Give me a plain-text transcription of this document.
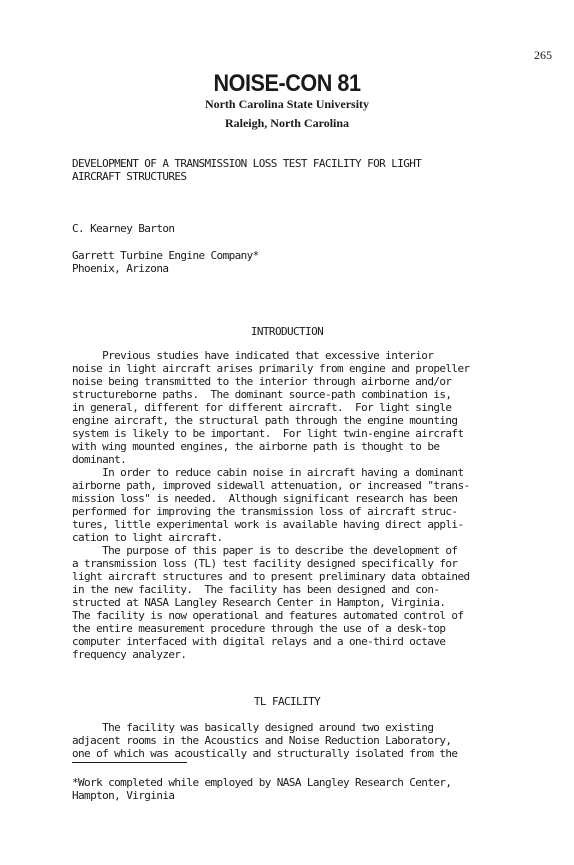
265
NOISE-CON 81
North Carolina State University
Raleigh, North Carolina
DEVELOPMENT OF A TRANSMISSION LOSS TEST FACILITY FOR LIGHT
AIRCRAFT STRUCTURES
C. Kearney Barton
Garrett Turbine Engine Company*
Phoenix, Arizona
INTRODUCTION
Previous studies have indicated that excessive interior
noise in light aircraft arises primarily from engine and propeller
noise being transmitted to the interior through airborne and/or
structureborne paths.  The dominant source-path combination is,
in general, different for different aircraft.  For light single
engine aircraft, the structural path through the engine mounting
system is likely to be important.  For light twin-engine aircraft
with wing mounted engines, the airborne path is thought to be
dominant.
In order to reduce cabin noise in aircraft having a dominant
airborne path, improved sidewall attenuation, or increased "trans-
mission loss" is needed.  Although significant research has been
performed for improving the transmission loss of aircraft struc-
tures, little experimental work is available having direct appli-
cation to light aircraft.
The purpose of this paper is to describe the development of
a transmission loss (TL) test facility designed specifically for
light aircraft structures and to present preliminary data obtained
in the new facility.  The facility has been designed and con-
structed at NASA Langley Research Center in Hampton, Virginia.
The facility is now operational and features automated control of
the entire measurement procedure through the use of a desk-top
computer interfaced with digital relays and a one-third octave
frequency analyzer.
TL FACILITY
The facility was basically designed around two existing
adjacent rooms in the Acoustics and Noise Reduction Laboratory,
one of which was acoustically and structurally isolated from the
*Work completed while employed by NASA Langley Research Center,
Hampton, Virginia
